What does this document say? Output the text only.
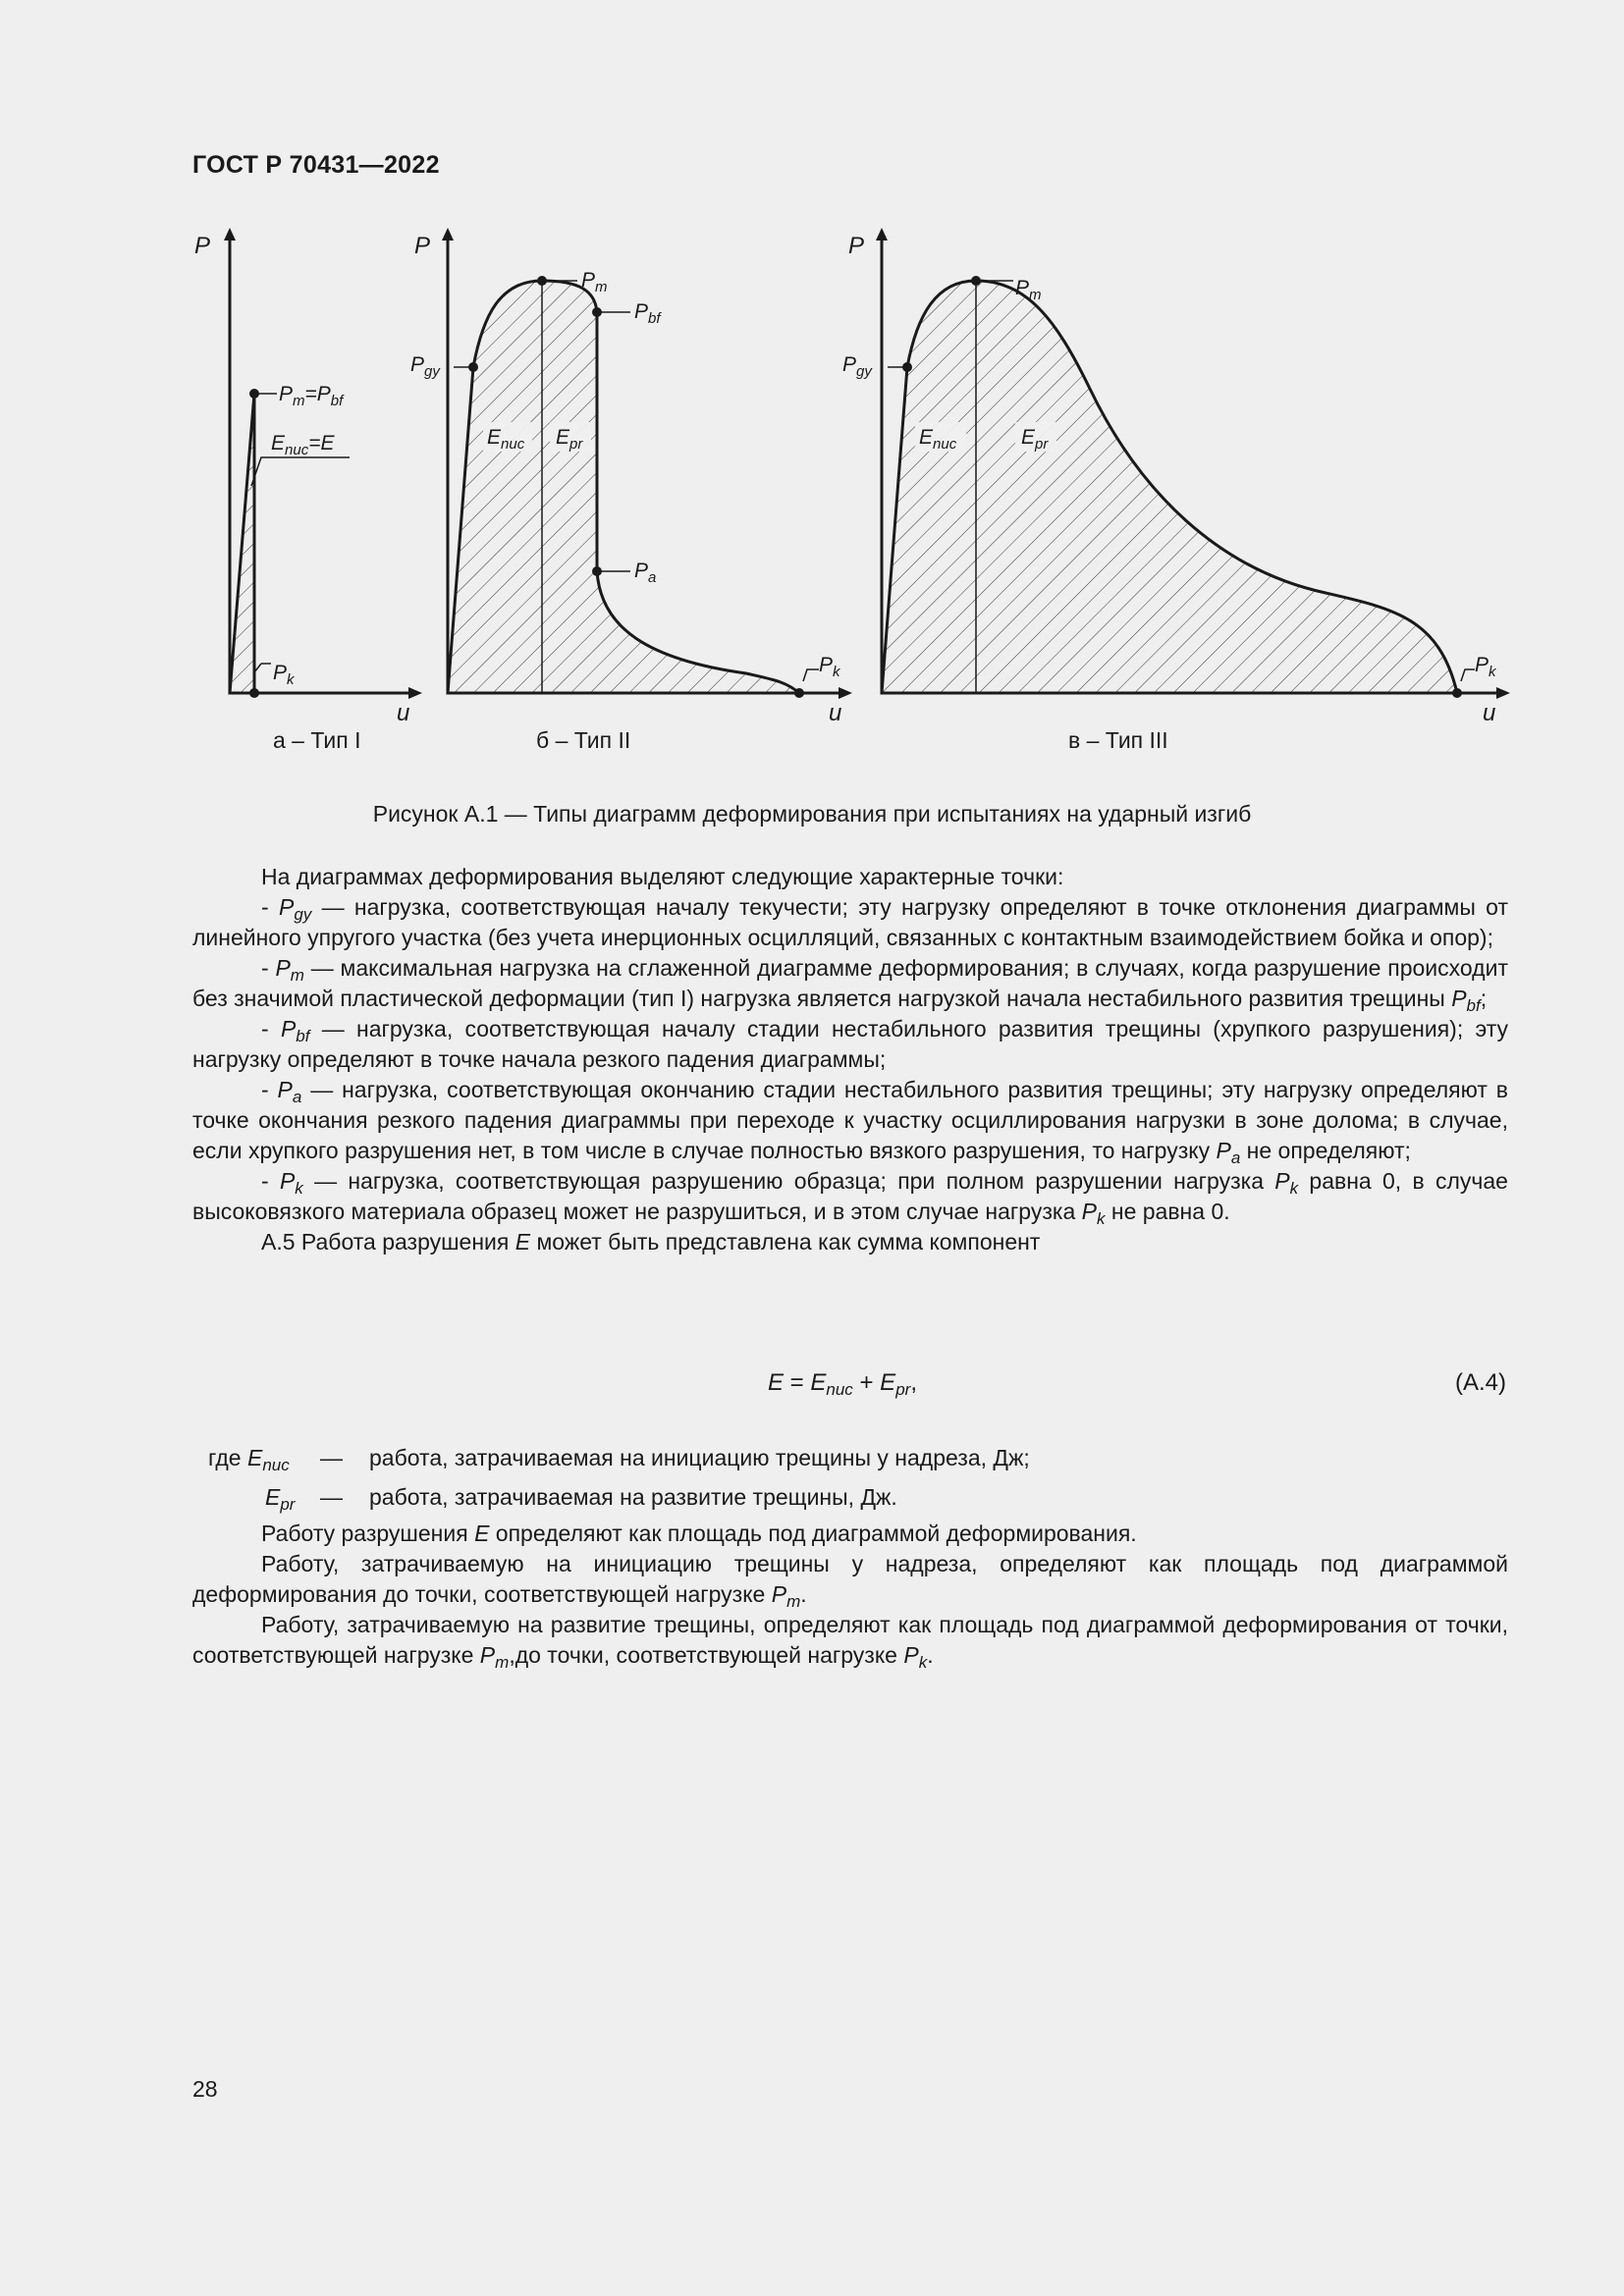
ГОСТ Р 70431—2022
P
u
$P_m=P_{bf}$
$E_{nuc}=E$
$P_k$
а – Тип I
P
u
$P_m$
$P_{bf}$
$P_{gy}$
$E_{nuc}$ $E_{pr}$
$P_a$
$P_k$
б – Тип II
P
u
$P_m$
$P_{gy}$
$E_{nuc}$	$E_{pr}$
$P_k$
в – Тип III
Рисунок А.1 — Типы диаграмм деформирования при испытаниях на ударный изгиб

На диаграммах деформирования выделяют следующие характерные точки:

- $P_{gy}$ — нагрузка, соответствующая началу текучести; эту нагрузку определяют в точке отклонения диаграммы от линейного упругого участка (без учета инерционных осцилляций, связанных с контактным взаимодействием бойка и опор);

- $P_m$ — максимальная нагрузка на сглаженной диаграмме деформирования; в случаях, когда разрушение происходит без значимой пластической деформации (тип I) нагрузка является нагрузкой начала нестабильного развития трещины $P_{bf}$;

- $P_{bf}$ — нагрузка, соответствующая началу стадии нестабильного развития трещины (хрупкого разрушения); эту нагрузку определяют в точке начала резкого падения диаграммы;

- $P_a$ — нагрузка, соответствующая окончанию стадии нестабильного развития трещины; эту нагрузку определяют в точке окончания резкого падения диаграммы при переходе к участку осциллирования нагрузки в зоне долома; в случае, если хрупкого разрушения нет, в том числе в случае полностью вязкого разрушения, то нагрузку $P_a$ не определяют;

- $P_k$ — нагрузка, соответствующая разрушению образца; при полном разрушении нагрузка $P_k$ равна 0, в случае высоковязкого материала образец может не разрушиться, и в этом случае нагрузка $P_k$ не равна 0.

А.5 Работа разрушения E может быть представлена как сумма компонент

$E = E_{nuc} + E_{pr}$,	(А.4)
где $E_{nuc}$ — работа, затрачиваемая на инициацию трещины у надреза, Дж;
$E_{pr}$ — работа, затрачиваемая на развитие трещины, Дж.

Работу разрушения E определяют как площадь под диаграммой деформирования.

Работу, затрачиваемую на инициацию трещины у надреза, определяют как площадь под диаграммой деформирования до точки, соответствующей нагрузке $P_m$.

Работу, затрачиваемую на развитие трещины, определяют как площадь под диаграммой деформирования от точки, соответствующей нагрузке $P_m,до$ точки, соответствующей нагрузке $P_k$.

28
